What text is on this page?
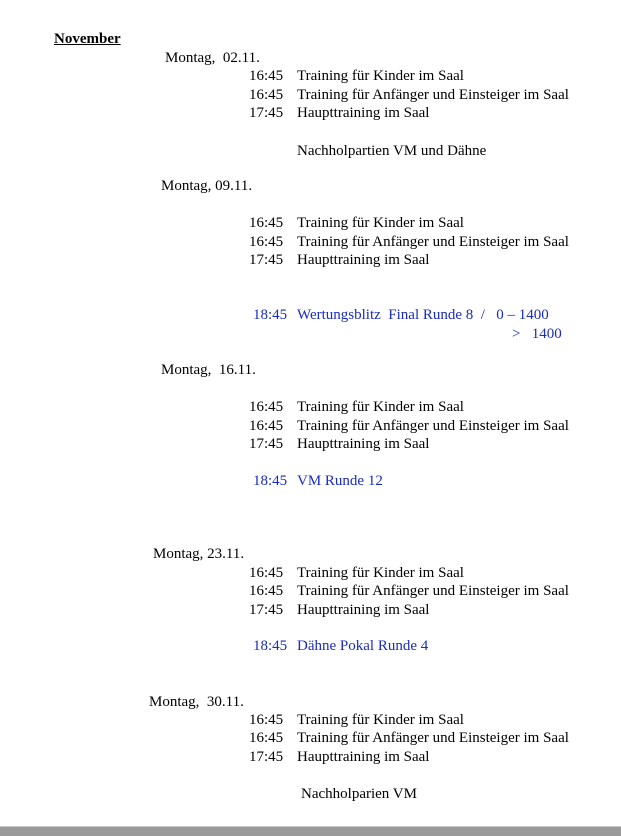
November
Montag,  02.11.
16:45 Training für Kinder im Saal
16:45 Training für Anfänger und Einsteiger im Saal
17:45 Haupttraining im Saal
Nachholpartien VM und Dähne
Montag, 09.11.
16:45 Training für Kinder im Saal
16:45 Training für Anfänger und Einsteiger im Saal
17:45 Haupttraining im Saal
18:45 Wertungsblitz  Final Runde 8  /   0 – 1400
>   1400
Montag,  16.11.
16:45 Training für Kinder im Saal
16:45 Training für Anfänger und Einsteiger im Saal
17:45 Haupttraining im Saal
18:45 VM Runde 12
Montag, 23.11.
16:45 Training für Kinder im Saal
16:45 Training für Anfänger und Einsteiger im Saal
17:45 Haupttraining im Saal
18:45 Dähne Pokal Runde 4
Montag,  30.11.
16:45 Training für Kinder im Saal
16:45 Training für Anfänger und Einsteiger im Saal
17:45 Haupttraining im Saal
Nachholparien VM
